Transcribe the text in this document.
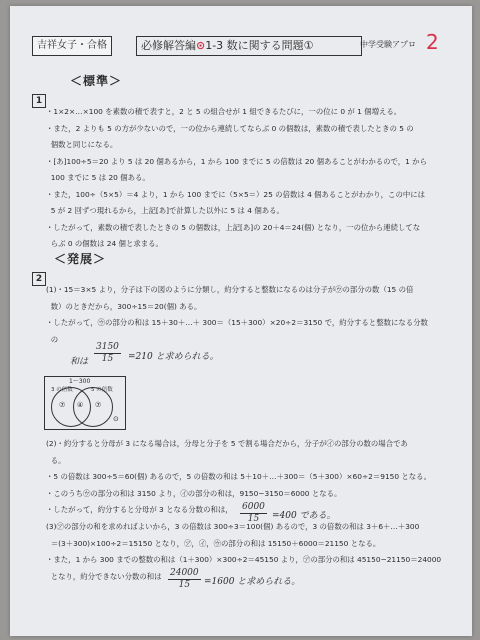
吉祥女子・合格	必修解答編⊙1-3 数に関する問題①	中学受験アプロ 2
＜標準＞
1
・1×2×…×100 を素数の積で表すと，2 と 5 の組合せが 1 組できるたびに，一の位に 0 が 1 個増える。
・また，2 よりも 5 の方が少ないので，一の位から連続してならぶ 0 の個数は，素数の積で表したときの 5 の
個数と同じになる。
・[あ]100÷5＝20 より 5 は 20 個あるから，1 から 100 までに 5 の倍数は 20 個あることがわかるので，1 から
100 までに 5 は 20 個ある。
・また，100÷（5×5）＝4 より，1 から 100 までに（5×5＝）25 の倍数は 4 個あることがわかり，この中には
5 が 2 回ずつ現れるから，上記[あ]で計算した以外に 5 は 4 個ある。
・したがって，素数の積で表したときの 5 の個数は，上記[あ]の 20＋4＝24(個) となり，一の位から連続してな
らぶ 0 の個数は 24 個と求まる。
＜発展＞
2
(1)・15＝3×5 より，分子は下の図のように分類し，約分すると整数になるのは分子が㋒の部分の数（15 の倍
数）のときだから，300÷15＝20(個) ある。
・したがって，㋒の部分の和は 15＋30＋…＋ 300＝（15＋300）×20÷2＝3150 で，約分すると整数になる分数
の
和は $\frac{3150}{15} =210$ と求められる。
1〜300
3 の倍数	5 の倍数
⑦ ④ ⑦
⊙
(2)・約分すると分母が 3 になる場合は，分母と分子を 5 で割る場合だから，分子が㋑の部分の数の場合であ
る。
・5 の倍数は 300÷5＝60(個) あるので，5 の倍数の和は 5＋10＋…＋300＝（5＋300）×60÷2＝9150 となる。
・このうち㋒の部分の和は 3150 より，㋑の部分の和は，9150−3150＝6000 となる。
・したがって，約分すると分母が 3 となる分数の和は， $\frac{6000}{15} =400$ である。
(3)㋐の部分の和を求めればよいから，3 の倍数は 300÷3＝100(個) あるので，3 の倍数の和は 3＋6＋…＋300
＝(3＋300)×100÷2＝15150 となり，㋐，㋑，㋒の部分の和は 15150＋6000＝21150 となる。
・また，1 から 300 までの整数の和は（1＋300）×300÷2＝45150 より，㋐の部分の和は 45150−21150＝24000
となり，約分できない分数の和は $\frac{24000}{15} =1600$ と求められる。
